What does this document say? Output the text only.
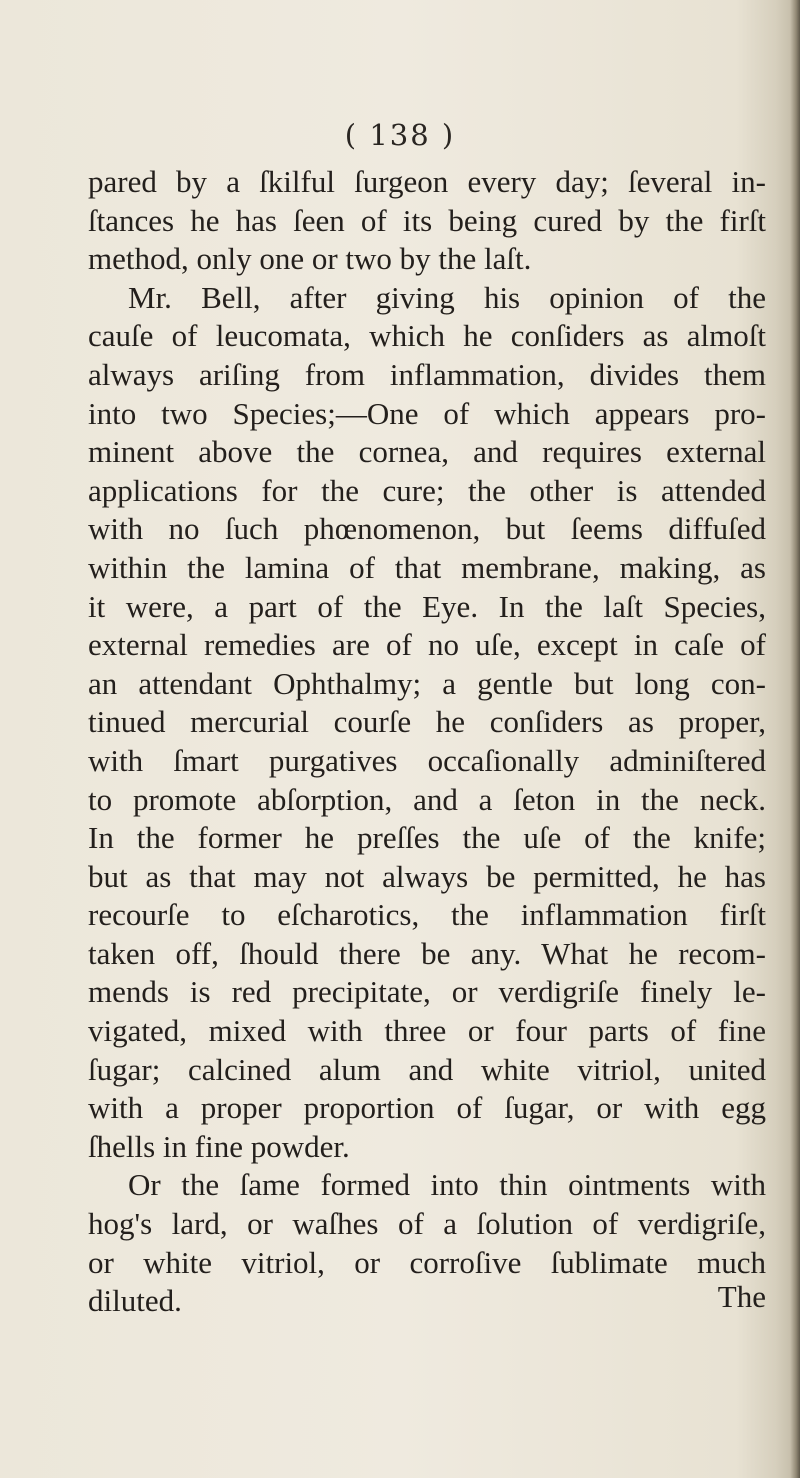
( 138 )
pared by a ſkilful ſurgeon every day; ſeveral in-
ſtances he has ſeen of its being cured by the firſt
method, only one or two by the laſt.
Mr. Bell, after giving his opinion of the
cauſe of leucomata, which he conſiders as almoſt
always ariſing from inflammation, divides them
into two Species;—One of which appears pro-
minent above the cornea, and requires external
applications for the cure; the other is attended
with no ſuch phœnomenon, but ſeems diffuſed
within the lamina of that membrane, making, as
it were, a part of the Eye. In the laſt Species,
external remedies are of no uſe, except in caſe of
an attendant Ophthalmy; a gentle but long con-
tinued mercurial courſe he conſiders as proper,
with ſmart purgatives occaſionally adminiſtered
to promote abſorption, and a ſeton in the neck.
In the former he preſſes the uſe of the knife;
but as that may not always be permitted, he has
recourſe to eſcharotics, the inflammation firſt
taken off, ſhould there be any. What he recom-
mends is red precipitate, or verdigriſe finely le-
vigated, mixed with three or four parts of fine
ſugar; calcined alum and white vitriol, united
with a proper proportion of ſugar, or with egg
ſhells in fine powder.
Or the ſame formed into thin ointments with
hog's lard, or waſhes of a ſolution of verdigriſe,
or white vitriol, or corroſive ſublimate much
diluted.	The
